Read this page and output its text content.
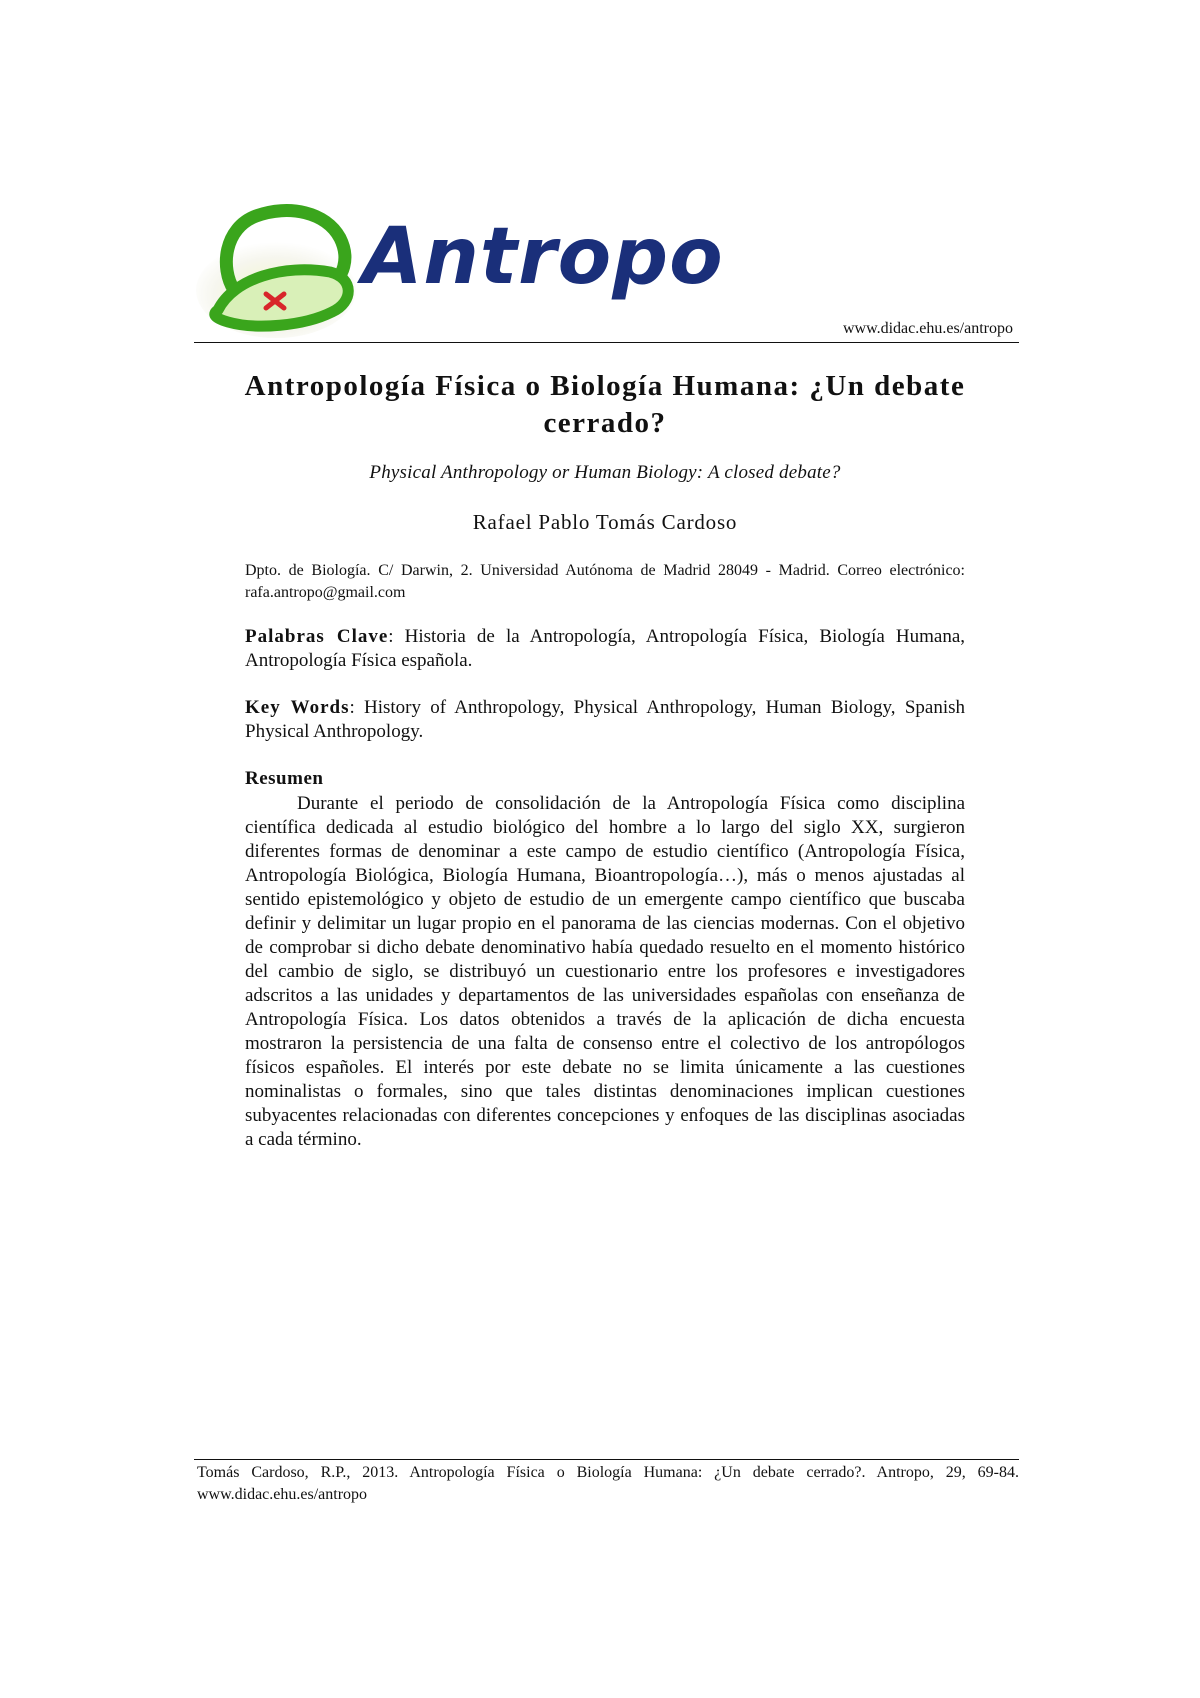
Antropo
www.didac.ehu.es/antropo
Antropología Física o Biología Humana: ¿Un debate cerrado?
Physical Anthropology or Human Biology: A closed debate?
Rafael Pablo Tomás Cardoso
Dpto. de Biología. C/ Darwin, 2. Universidad Autónoma de Madrid 28049 - Madrid. Correo electrónico: rafa.antropo@gmail.com
Palabras Clave: Historia de la Antropología, Antropología Física, Biología Humana, Antropología Física española.
Key Words: History of Anthropology, Physical Anthropology, Human Biology, Spanish Physical Anthropology.
Resumen

Durante el periodo de consolidación de la Antropología Física como disciplina científica dedicada al estudio biológico del hombre a lo largo del siglo XX, surgieron diferentes formas de denominar a este campo de estudio científico (Antropología Física, Antropología Biológica, Biología Humana, Bioantropología…), más o menos ajustadas al sentido epistemológico y objeto de estudio de un emergente campo científico que buscaba definir y delimitar un lugar propio en el panorama de las ciencias modernas. Con el objetivo de comprobar si dicho debate denominativo había quedado resuelto en el momento histórico del cambio de siglo, se distribuyó un cuestionario entre los profesores e investigadores adscritos a las unidades y departamentos de las universidades españolas con enseñanza de Antropología Física. Los datos obtenidos a través de la aplicación de dicha encuesta mostraron la persistencia de una falta de consenso entre el colectivo de los antropólogos físicos españoles. El interés por este debate no se limita únicamente a las cuestiones nominalistas o formales, sino que tales distintas denominaciones implican cuestiones subyacentes relacionadas con diferentes concepciones y enfoques de las disciplinas asociadas a cada término.

Tomás Cardoso, R.P., 2013. Antropología Física o Biología Humana: ¿Un debate cerrado?. Antropo, 29, 69-84. www.didac.ehu.es/antropo
